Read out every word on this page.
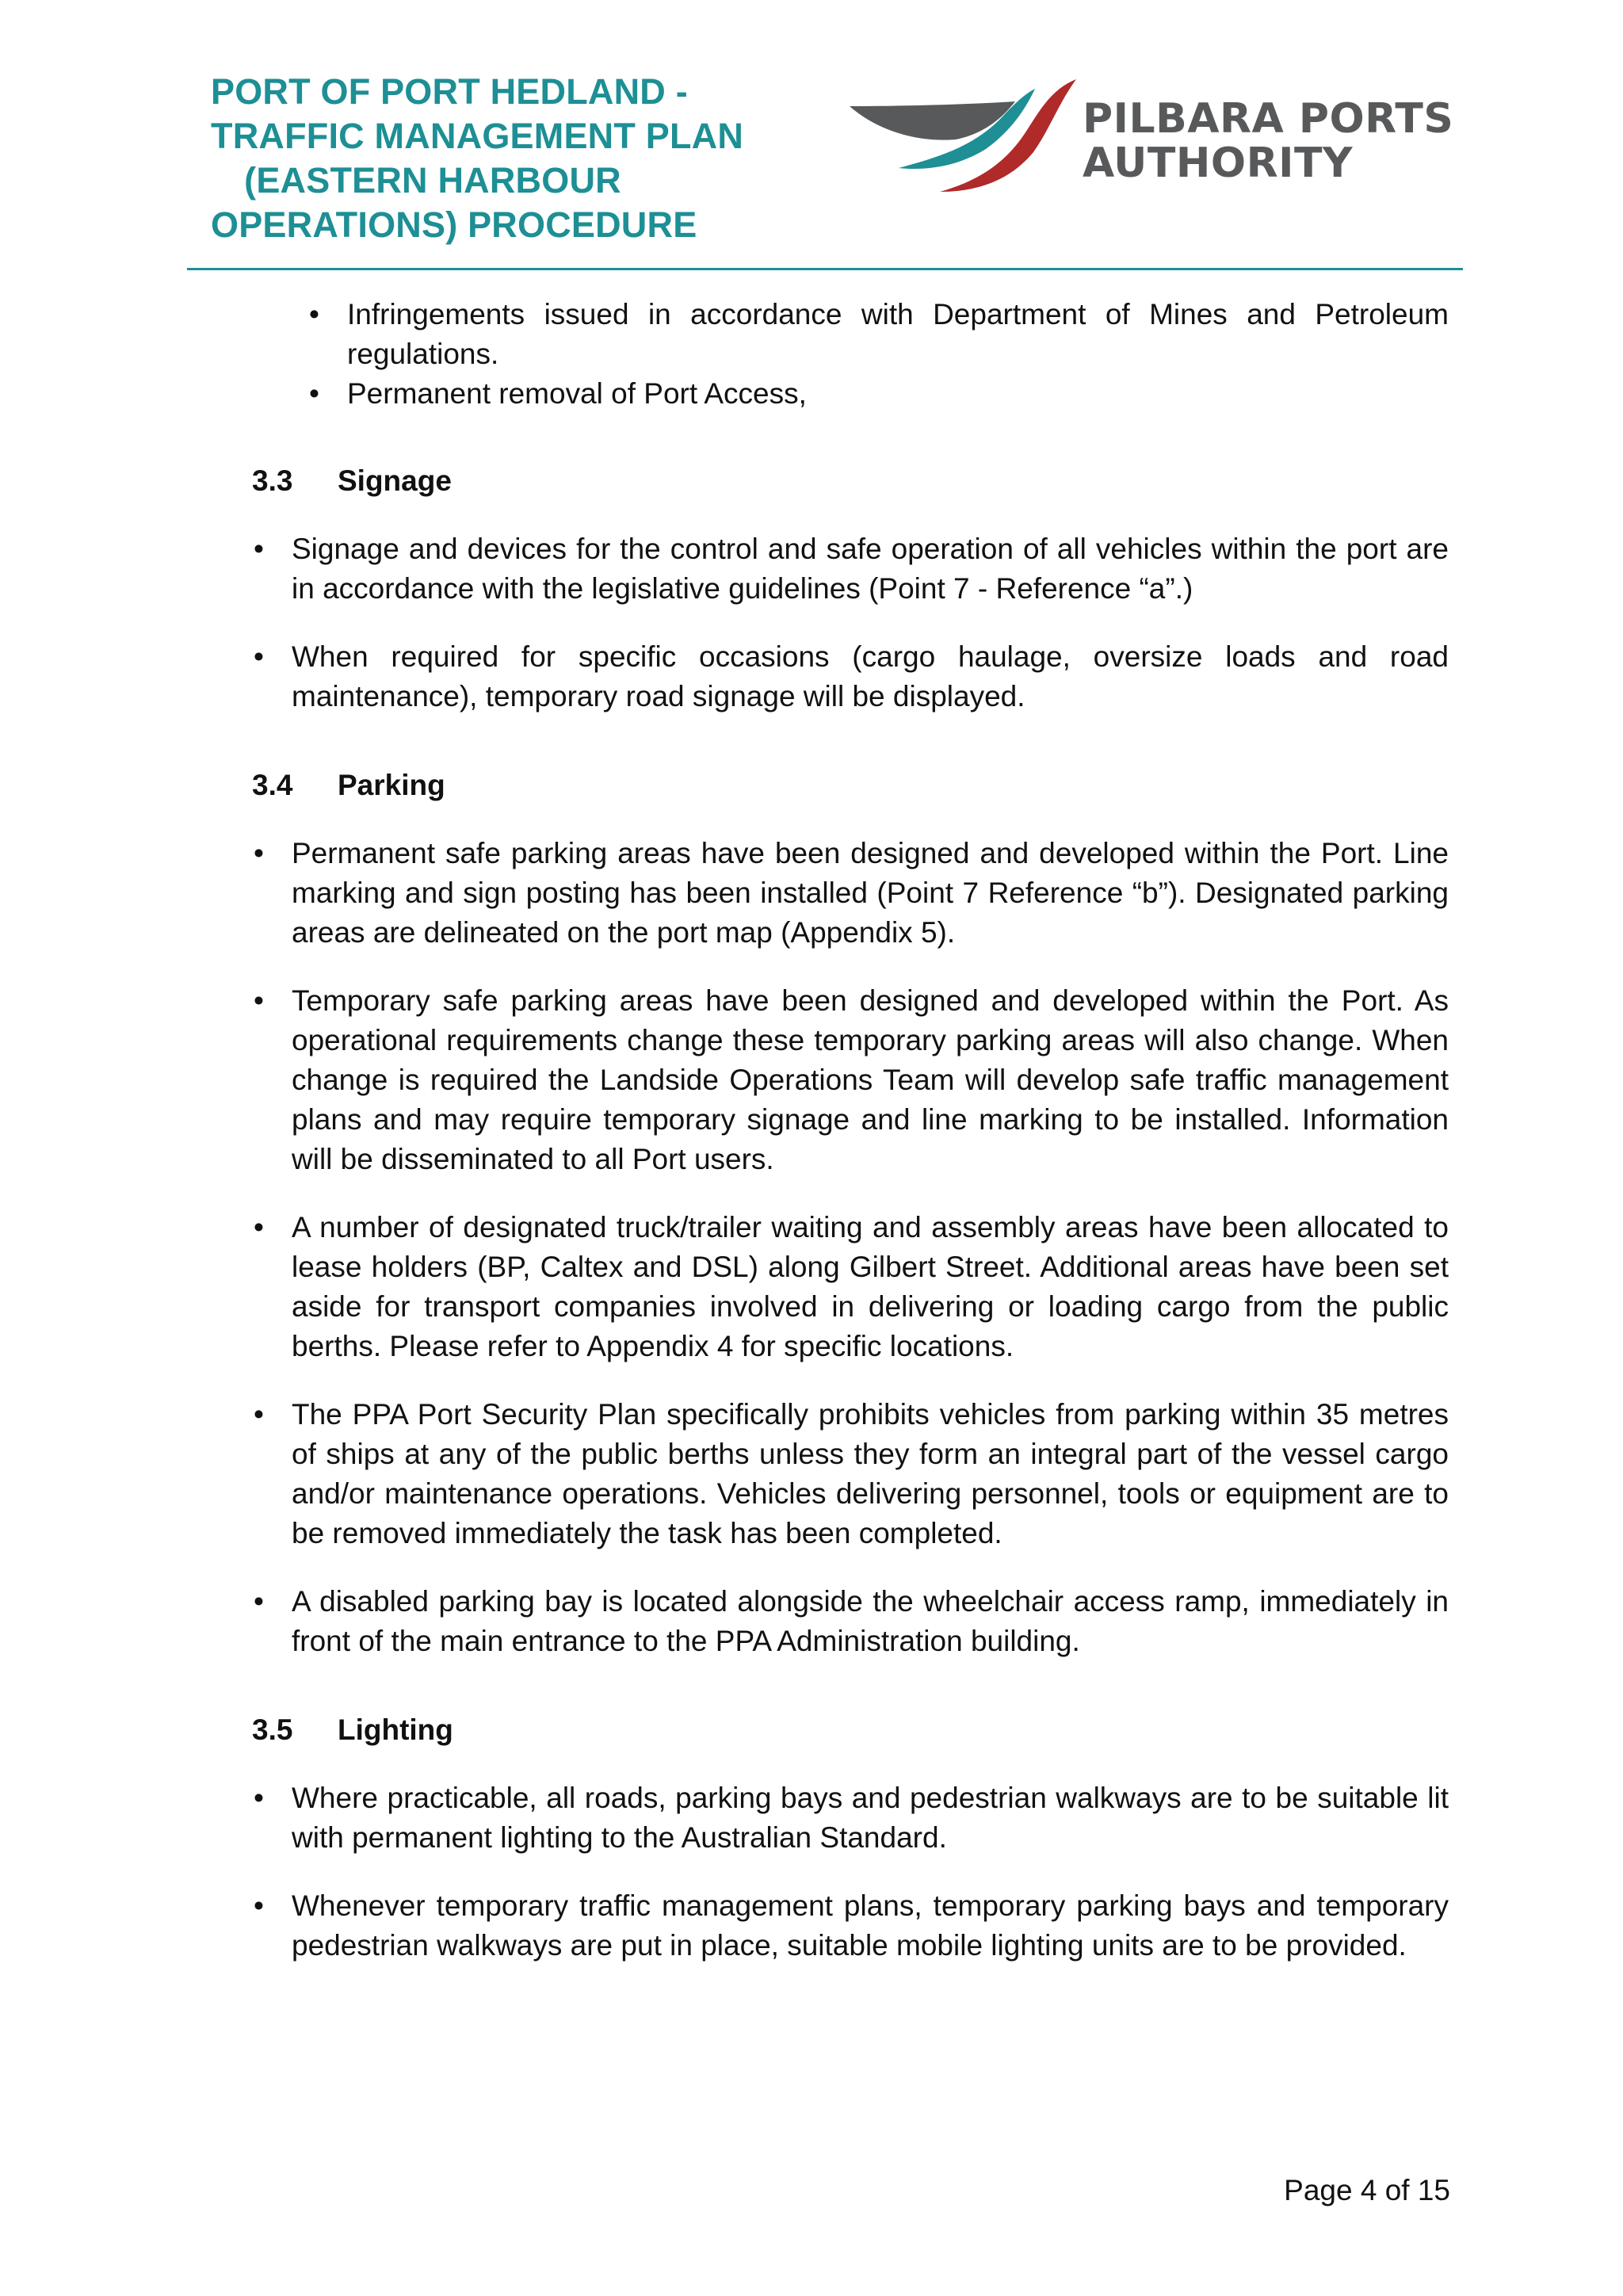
PORT OF PORT HEDLAND -
TRAFFIC MANAGEMENT PLAN
(EASTERN HARBOUR
OPERATIONS) PROCEDURE
PILBARA PORTS
AUTHORITY
• Infringements issued in accordance with Department of Mines and Petroleum regulations.
• Permanent removal of Port Access,
3.3	Signage
• Signage and devices for the control and safe operation of all vehicles within the port are in accordance with the legislative guidelines (Point 7 - Reference “a”.)
• When required for specific occasions (cargo haulage, oversize loads and road maintenance), temporary road signage will be displayed.
3.4	Parking
• Permanent safe parking areas have been designed and developed within the Port. Line marking and sign posting has been installed (Point 7 Reference “b”). Designated parking areas are delineated on the port map (Appendix 5).
• Temporary safe parking areas have been designed and developed within the Port. As operational requirements change these temporary parking areas will also change. When change is required the Landside Operations Team will develop safe traffic management plans and may require temporary signage and line marking to be installed. Information will be disseminated to all Port users.
• A number of designated truck/trailer waiting and assembly areas have been allocated to lease holders (BP, Caltex and DSL) along Gilbert Street. Additional areas have been set aside for transport companies involved in delivering or loading cargo from the public berths. Please refer to Appendix 4 for specific locations.
• The PPA Port Security Plan specifically prohibits vehicles from parking within 35 metres of ships at any of the public berths unless they form an integral part of the vessel cargo and/or maintenance operations. Vehicles delivering personnel, tools or equipment are to be removed immediately the task has been completed.
• A disabled parking bay is located alongside the wheelchair access ramp, immediately in front of the main entrance to the PPA Administration building.
3.5	Lighting
• Where practicable, all roads, parking bays and pedestrian walkways are to be suitable lit with permanent lighting to the Australian Standard.
• Whenever temporary traffic management plans, temporary parking bays and temporary pedestrian walkways are put in place, suitable mobile lighting units are to be provided.
Page 4 of 15
